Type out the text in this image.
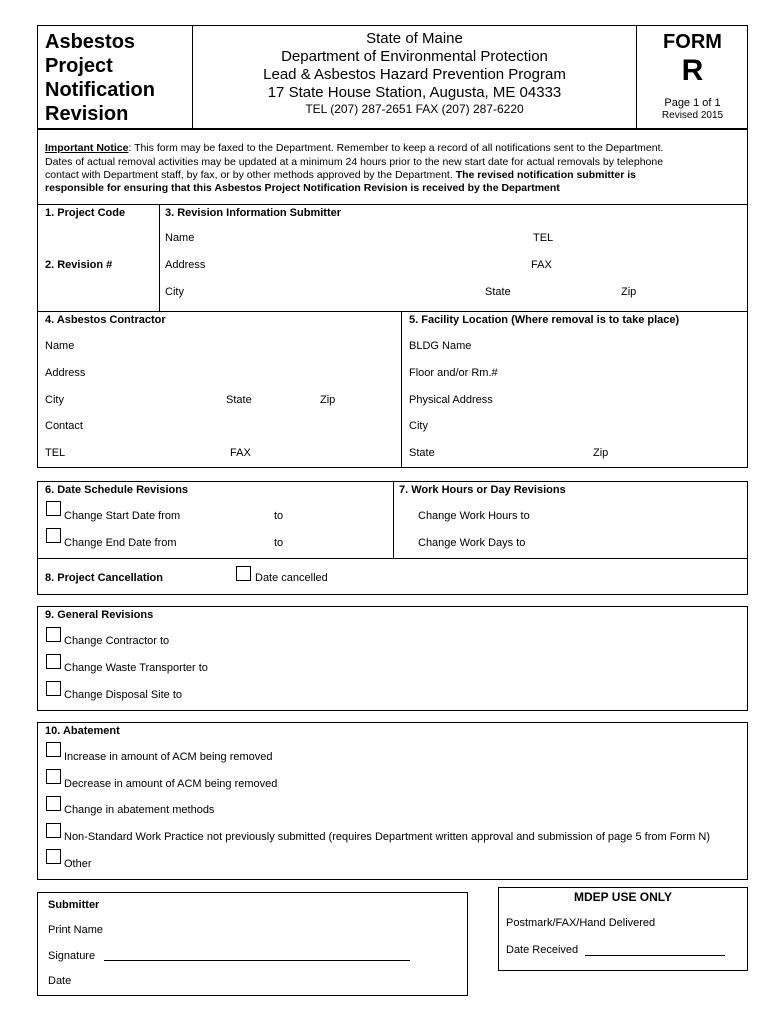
Asbestos
Project
Notification
Revision
State of Maine
Department of Environmental Protection
Lead & Asbestos Hazard Prevention Program
17 State House Station, Augusta, ME 04333
TEL (207) 287-2651 FAX (207) 287-6220
FORM
R
Page 1 of 1
Revised 2015
Important Notice: This form may be faxed to the Department. Remember to keep a record of all notifications sent to the Department.
Dates of actual removal activities may be updated at a minimum 24 hours prior to the new start date for actual removals by telephone
contact with Department staff, by fax, or by other methods approved by the Department. The revised notification submitter is
responsible for ensuring that this Asbestos Project Notification Revision is received by the Department
1. Project Code
2. Revision #
3. Revision Information Submitter
Name	TEL
Address	FAX
City	State	Zip
4. Asbestos Contractor
Name
Address
City	State	Zip
Contact
TEL	FAX
5. Facility Location (Where removal is to take place)
BLDG Name
Floor and/or Rm.#
Physical Address
City
State	Zip
6. Date Schedule Revisions
Change Start Date from	to
Change End Date from	to
7. Work Hours or Day Revisions
Change Work Hours to
Change Work Days to
8. Project Cancellation	Date cancelled
9. General Revisions
Change Contractor to
Change Waste Transporter to
Change Disposal Site to
10. Abatement
Increase in amount of ACM being removed
Decrease in amount of ACM being removed
Change in abatement methods
Non-Standard Work Practice not previously submitted (requires Department written approval and submission of page 5 from Form N)
Other
Submitter
Print Name
Signature
Date
MDEP USE ONLY
Postmark/FAX/Hand Delivered
Date Received
